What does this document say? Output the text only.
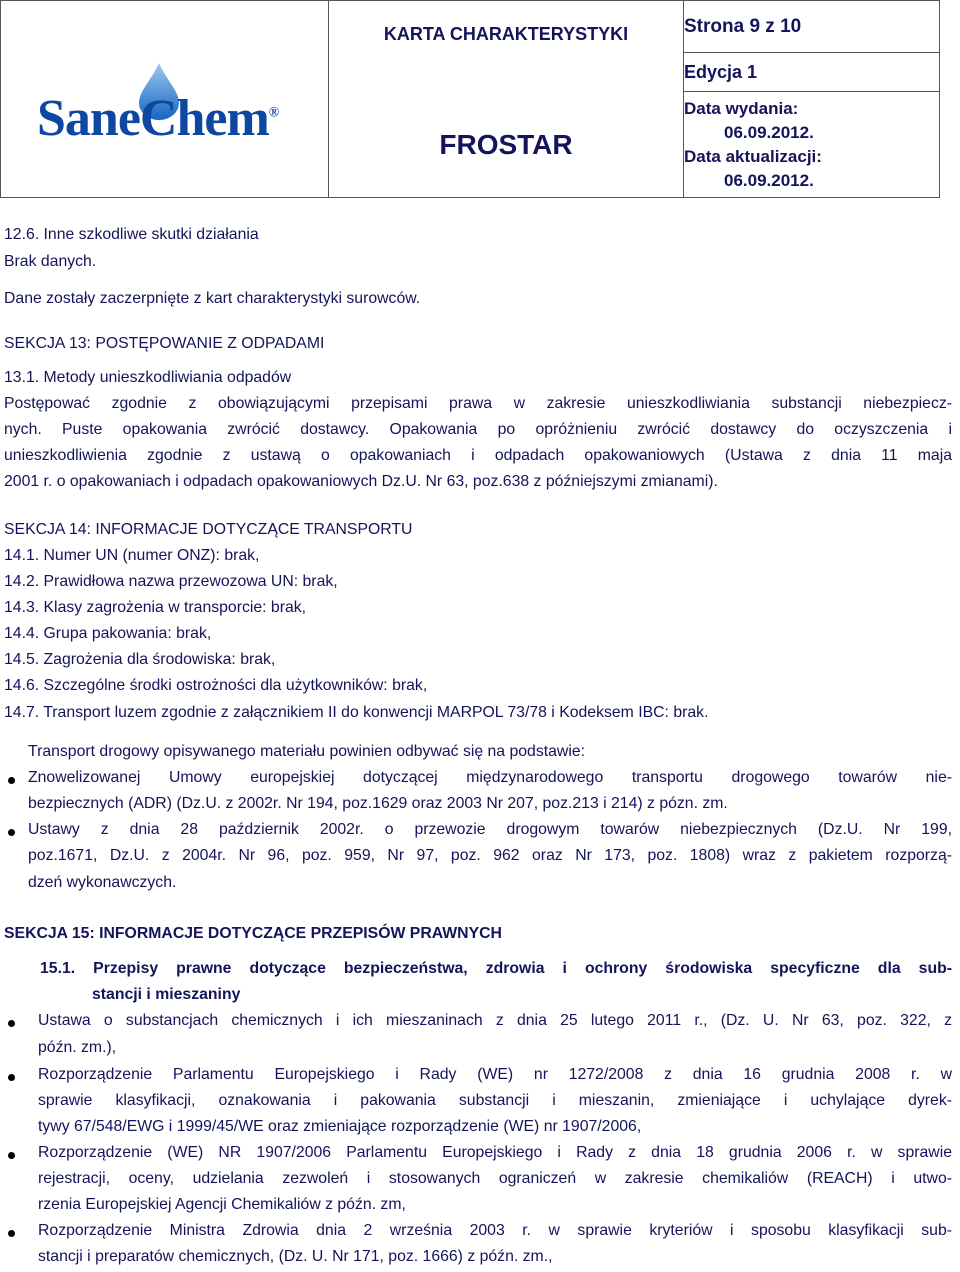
SaneChem®

KARTA CHARAKTERYSTYKI
FROSTAR
	Strona 9 z 10
Edycja 1

Data wydania:
06.09.2012.
Data aktualizacji:
06.09.2012.
12.6. Inne szkodliwe skutki działania
Brak danych.
Dane zostały zaczerpnięte z kart charakterystyki surowców.
SEKCJA 13: POSTĘPOWANIE Z ODPADAMI
13.1. Metody unieszkodliwiania odpadów
Postępować zgodnie z obowiązującymi przepisami prawa w zakresie unieszkodliwiania substancji niebezpiecz-
nych. Puste opakowania zwrócić dostawcy. Opakowania po opróżnieniu zwrócić dostawcy do oczyszczenia i
unieszkodliwienia zgodnie z ustawą o opakowaniach i odpadach opakowaniowych (Ustawa z dnia 11 maja
2001 r. o opakowaniach i odpadach opakowaniowych Dz.U. Nr 63, poz.638 z późniejszymi zmianami).
SEKCJA 14: INFORMACJE DOTYCZĄCE TRANSPORTU
14.1. Numer UN (numer ONZ): brak,
14.2. Prawidłowa nazwa przewozowa UN: brak,
14.3. Klasy zagrożenia w transporcie: brak,
14.4. Grupa pakowania: brak,
14.5. Zagrożenia dla środowiska: brak,
14.6. Szczególne środki ostrożności dla użytkowników: brak,
14.7. Transport luzem zgodnie z załącznikiem II do konwencji MARPOL 73/78 i Kodeksem IBC: brak.
Transport drogowy opisywanego materiału powinien odbywać się na podstawie:
Znowelizowanej Umowy europejskiej dotyczącej międzynarodowego transportu drogowego towarów nie-
bezpiecznych (ADR) (Dz.U. z 2002r. Nr 194, poz.1629 oraz 2003 Nr 207, poz.213 i 214) z pózn. zm.
Ustawy z dnia 28 październik 2002r. o przewozie drogowym towarów niebezpiecznych (Dz.U. Nr 199,
poz.1671, Dz.U. z 2004r. Nr 96, poz. 959, Nr 97, poz. 962 oraz Nr 173, poz. 1808) wraz z pakietem rozporzą-
dzeń wykonawczych.
SEKCJA 15: INFORMACJE DOTYCZĄCE PRZEPISÓW PRAWNYCH
15.1. Przepisy prawne dotyczące bezpieczeństwa, zdrowia i ochrony środowiska specyficzne dla sub-
stancji i mieszaniny
Ustawa o substancjach chemicznych i ich mieszaninach z dnia 25 lutego 2011 r., (Dz. U. Nr 63, poz. 322, z
późn. zm.),
Rozporządzenie Parlamentu Europejskiego i Rady (WE) nr 1272/2008 z dnia 16 grudnia 2008 r. w
sprawie klasyfikacji, oznakowania i pakowania substancji i mieszanin, zmieniające i uchylające dyrek-
tywy 67/548/EWG i 1999/45/WE oraz zmieniające rozporządzenie (WE) nr 1907/2006,
Rozporządzenie (WE) NR 1907/2006 Parlamentu Europejskiego i Rady z dnia 18 grudnia 2006 r. w sprawie
rejestracji, oceny, udzielania zezwoleń i stosowanych ograniczeń w zakresie chemikaliów (REACH) i utwo-
rzenia Europejskiej Agencji Chemikaliów z późn. zm,
Rozporządzenie Ministra Zdrowia dnia 2 września 2003 r. w sprawie kryteriów i sposobu klasyfikacji sub-
stancji i preparatów chemicznych, (Dz. U. Nr 171, poz. 1666) z późn. zm.,
